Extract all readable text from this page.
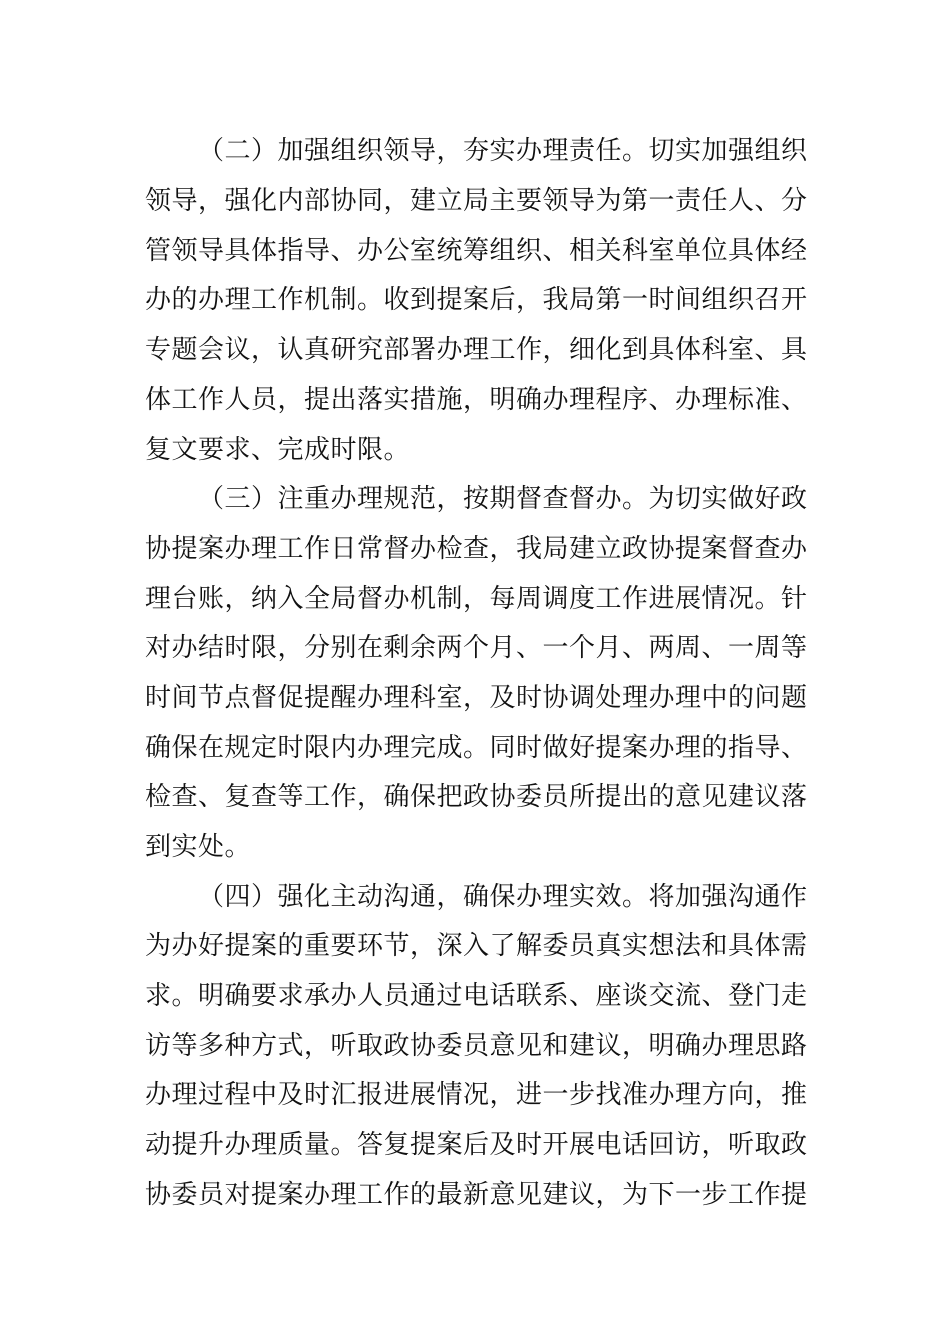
（二）加强组织领导，夯实办理责任。切实加强组织
领导，强化内部协同，建立局主要领导为第一责任人、分
管领导具体指导、办公室统筹组织、相关科室单位具体经
办的办理工作机制。收到提案后，我局第一时间组织召开
专题会议，认真研究部署办理工作，细化到具体科室、具
体工作人员，提出落实措施，明确办理程序、办理标准、
复文要求、完成时限。
（三）注重办理规范，按期督查督办。为切实做好政
协提案办理工作日常督办检查，我局建立政协提案督查办
理台账，纳入全局督办机制，每周调度工作进展情况。针
对办结时限，分别在剩余两个月、一个月、两周、一周等
时间节点督促提醒办理科室，及时协调处理办理中的问题
确保在规定时限内办理完成。同时做好提案办理的指导、
检查、复查等工作，确保把政协委员所提出的意见建议落
到实处。
（四）强化主动沟通，确保办理实效。将加强沟通作
为办好提案的重要环节，深入了解委员真实想法和具体需
求。明确要求承办人员通过电话联系、座谈交流、登门走
访等多种方式，听取政协委员意见和建议，明确办理思路
办理过程中及时汇报进展情况，进一步找准办理方向，推
动提升办理质量。答复提案后及时开展电话回访，听取政
协委员对提案办理工作的最新意见建议，为下一步工作提
